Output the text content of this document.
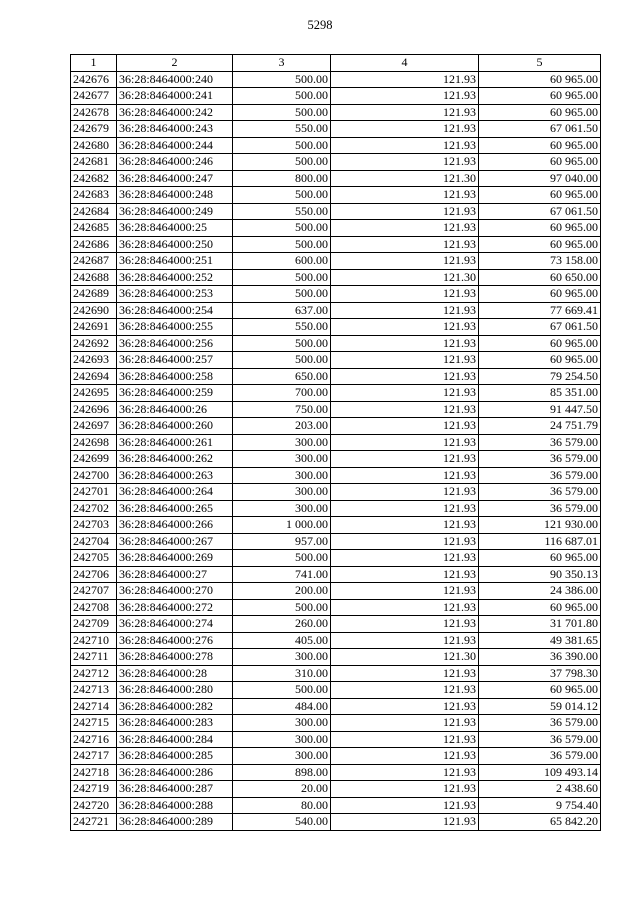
5298
1	2	3	4	5
242676	36:28:8464000:240	500.00	121.93	60 965.00
242677	36:28:8464000:241	500.00	121.93	60 965.00
242678	36:28:8464000:242	500.00	121.93	60 965.00
242679	36:28:8464000:243	550.00	121.93	67 061.50
242680	36:28:8464000:244	500.00	121.93	60 965.00
242681	36:28:8464000:246	500.00	121.93	60 965.00
242682	36:28:8464000:247	800.00	121.30	97 040.00
242683	36:28:8464000:248	500.00	121.93	60 965.00
242684	36:28:8464000:249	550.00	121.93	67 061.50
242685	36:28:8464000:25	500.00	121.93	60 965.00
242686	36:28:8464000:250	500.00	121.93	60 965.00
242687	36:28:8464000:251	600.00	121.93	73 158.00
242688	36:28:8464000:252	500.00	121.30	60 650.00
242689	36:28:8464000:253	500.00	121.93	60 965.00
242690	36:28:8464000:254	637.00	121.93	77 669.41
242691	36:28:8464000:255	550.00	121.93	67 061.50
242692	36:28:8464000:256	500.00	121.93	60 965.00
242693	36:28:8464000:257	500.00	121.93	60 965.00
242694	36:28:8464000:258	650.00	121.93	79 254.50
242695	36:28:8464000:259	700.00	121.93	85 351.00
242696	36:28:8464000:26	750.00	121.93	91 447.50
242697	36:28:8464000:260	203.00	121.93	24 751.79
242698	36:28:8464000:261	300.00	121.93	36 579.00
242699	36:28:8464000:262	300.00	121.93	36 579.00
242700	36:28:8464000:263	300.00	121.93	36 579.00
242701	36:28:8464000:264	300.00	121.93	36 579.00
242702	36:28:8464000:265	300.00	121.93	36 579.00
242703	36:28:8464000:266	1 000.00	121.93	121 930.00
242704	36:28:8464000:267	957.00	121.93	116 687.01
242705	36:28:8464000:269	500.00	121.93	60 965.00
242706	36:28:8464000:27	741.00	121.93	90 350.13
242707	36:28:8464000:270	200.00	121.93	24 386.00
242708	36:28:8464000:272	500.00	121.93	60 965.00
242709	36:28:8464000:274	260.00	121.93	31 701.80
242710	36:28:8464000:276	405.00	121.93	49 381.65
242711	36:28:8464000:278	300.00	121.30	36 390.00
242712	36:28:8464000:28	310.00	121.93	37 798.30
242713	36:28:8464000:280	500.00	121.93	60 965.00
242714	36:28:8464000:282	484.00	121.93	59 014.12
242715	36:28:8464000:283	300.00	121.93	36 579.00
242716	36:28:8464000:284	300.00	121.93	36 579.00
242717	36:28:8464000:285	300.00	121.93	36 579.00
242718	36:28:8464000:286	898.00	121.93	109 493.14
242719	36:28:8464000:287	20.00	121.93	2 438.60
242720	36:28:8464000:288	80.00	121.93	9 754.40
242721	36:28:8464000:289	540.00	121.93	65 842.20
